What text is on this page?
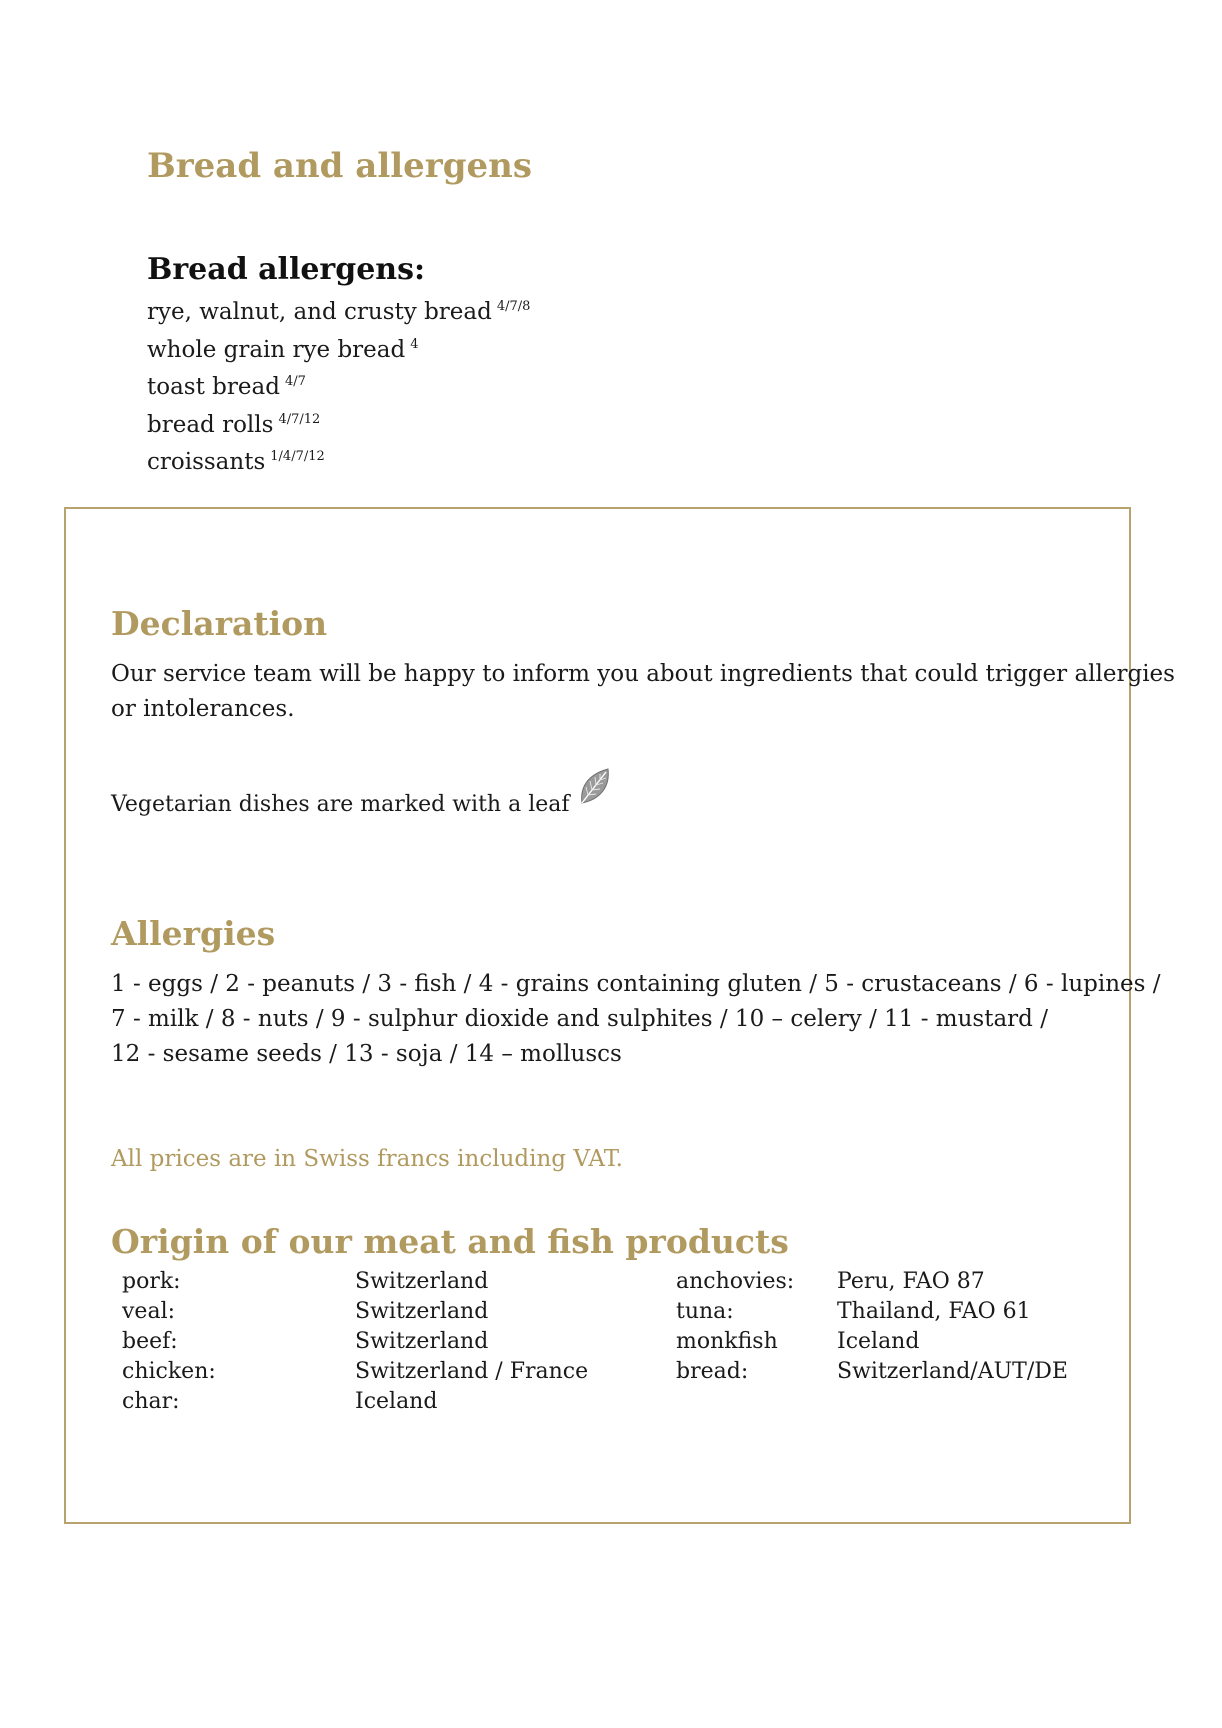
Bread and allergens
Bread allergens:
rye, walnut, and crusty bread $^{4/7/8}$
whole grain rye bread $^4$
toast bread $^{4/7}$
bread rolls $^{4/7/12}$
croissants $^{1/4/7/12}$
Declaration

Our service team will be happy to inform you about ingredients that could trigger allergies
or intolerances.

Vegetarian dishes are marked with a leaf

Allergies

1 - eggs / 2 - peanuts / 3 - fish / 4 - grains containing gluten / 5 - crustaceans / 6 - lupines /
7 - milk / 8 - nuts / 9 - sulphur dioxide and sulphites / 10 – celery / 11 - mustard /
12 - sesame seeds / 13 - soja / 14 – molluscs

All prices are in Swiss francs including VAT.

Origin of our meat and fish products
pork:	Switzerland	anchovies:	Peru, FAO 87
veal:	Switzerland	tuna:	Thailand, FAO 61
beef:	Switzerland	monkfish	Iceland
chicken:	Switzerland / France	bread:	Switzerland/AUT/DE
char:	Iceland		
